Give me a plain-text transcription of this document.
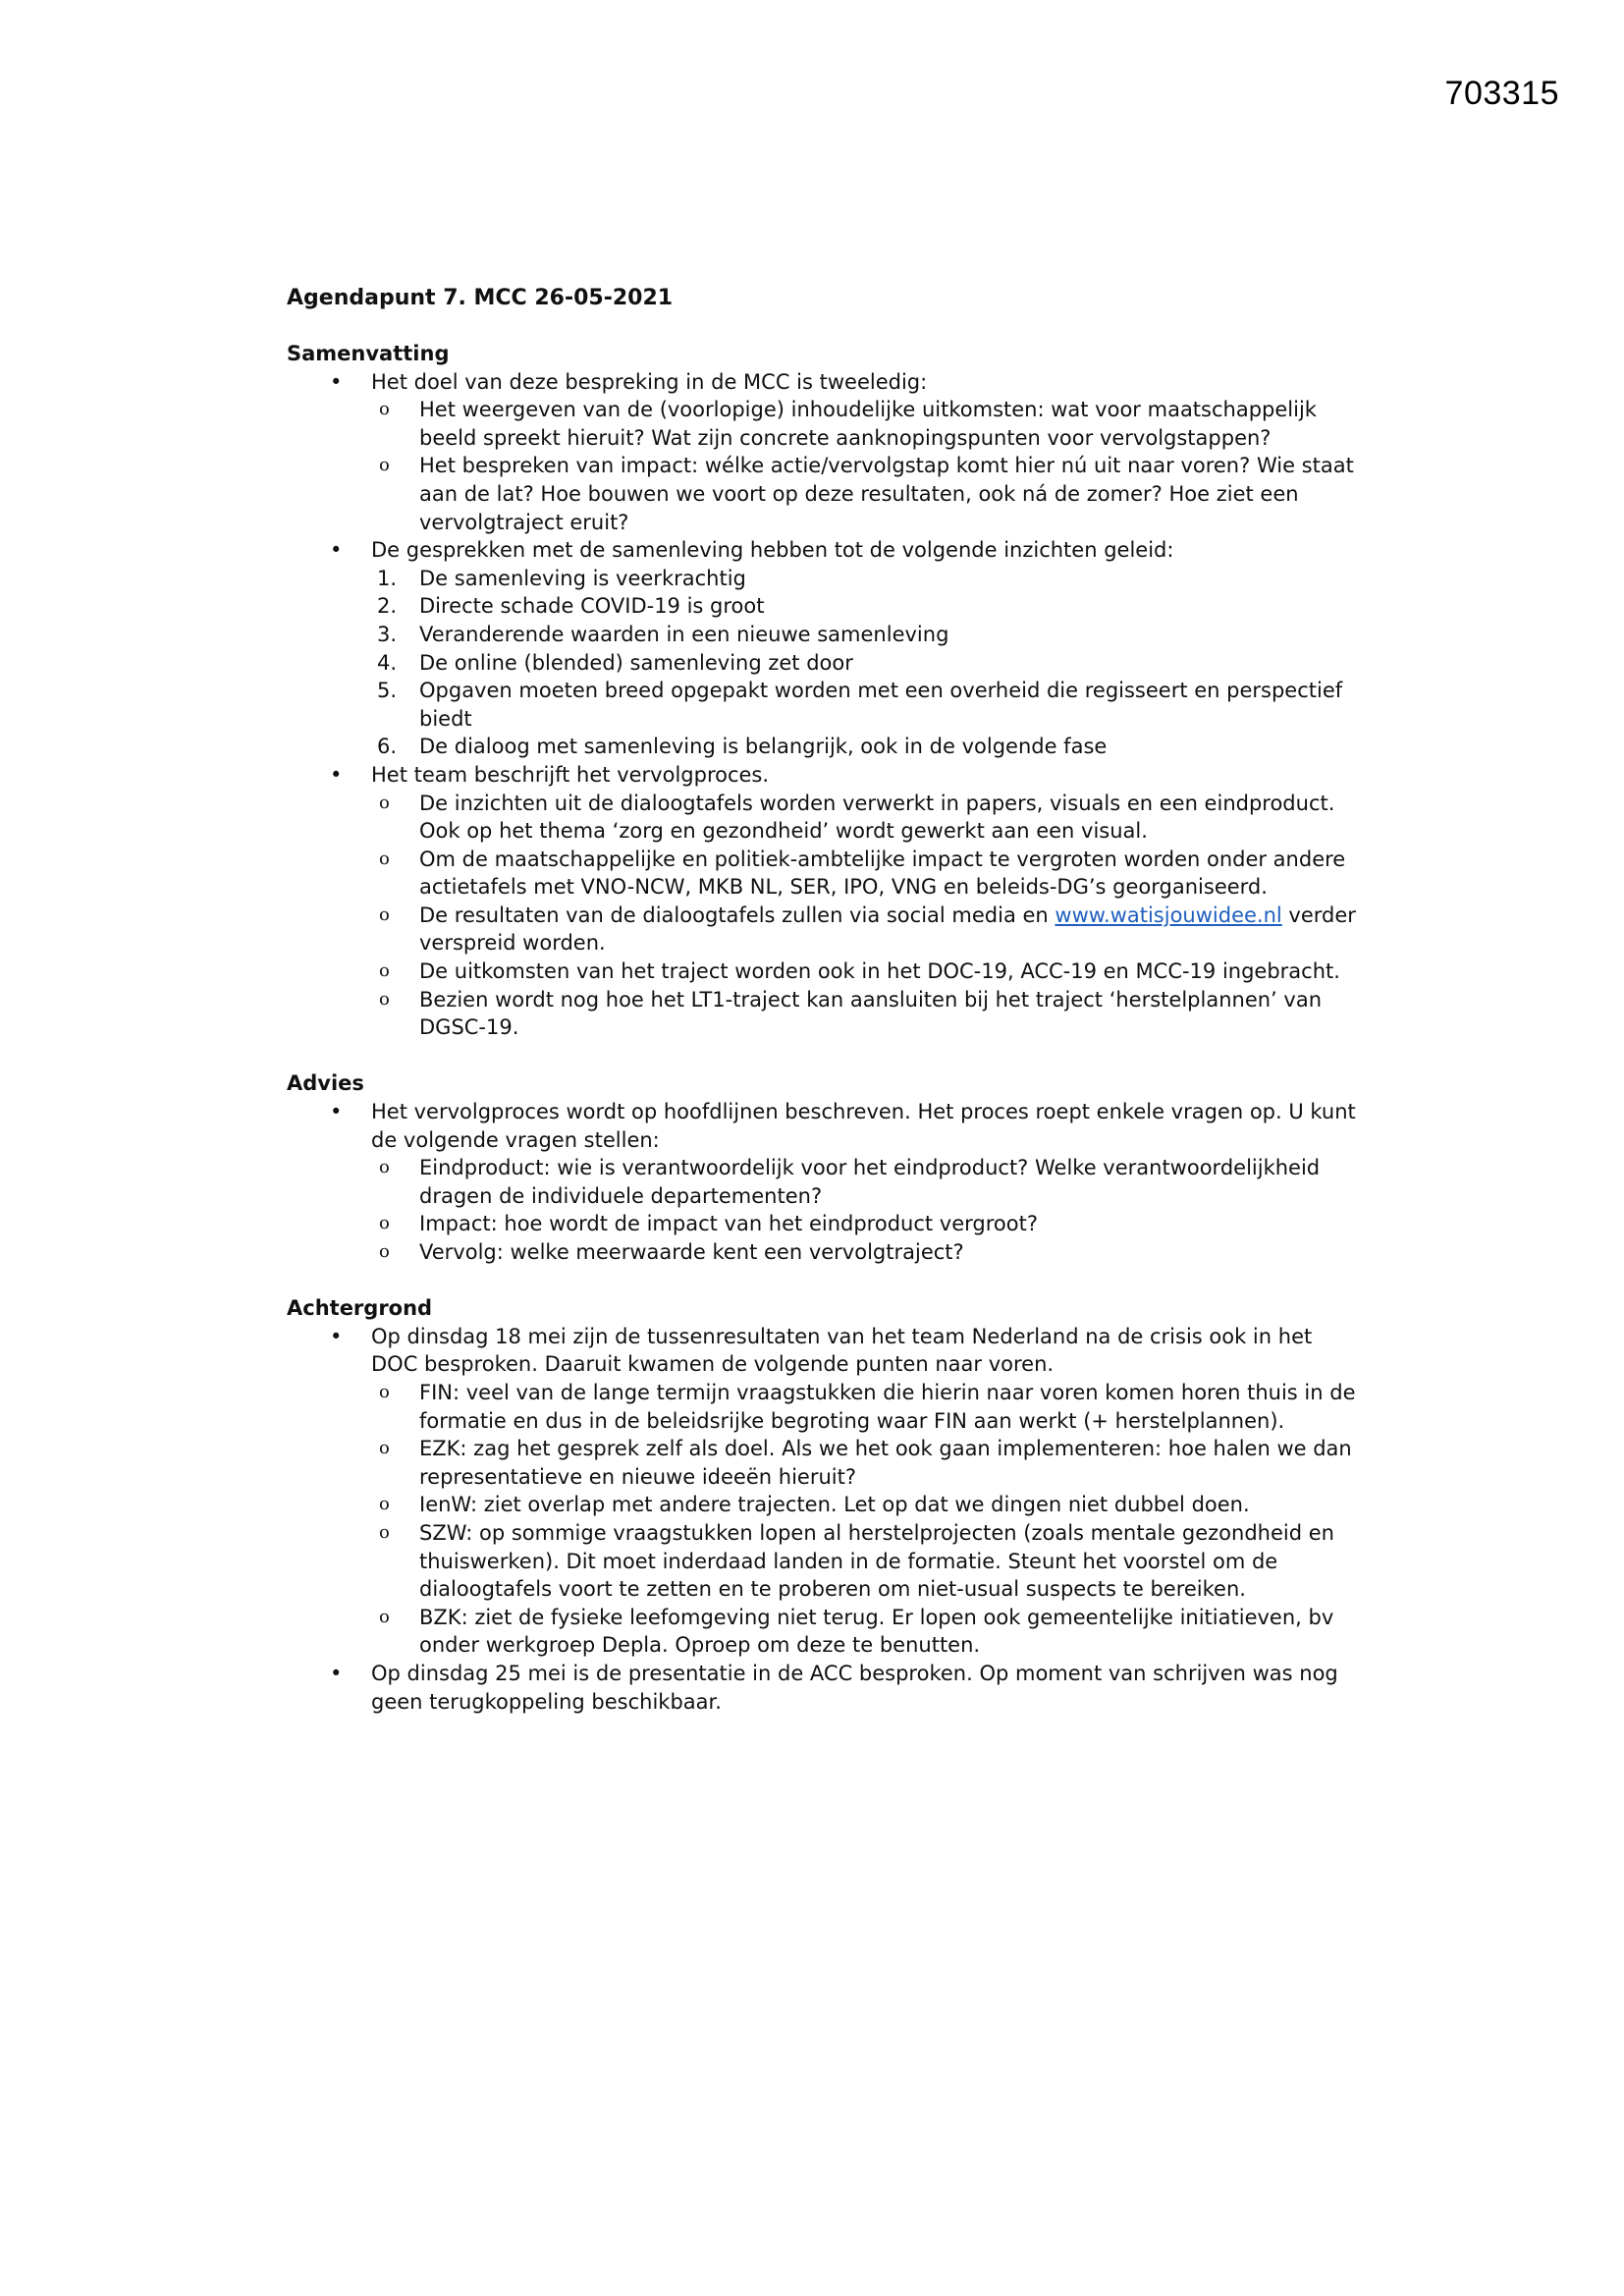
703315
Agendapunt 7. MCC 26-05-2021
Samenvatting
• Het doel van deze bespreking in de MCC is tweeledig:
o Het weergeven van de (voorlopige) inhoudelijke uitkomsten: wat voor maatschappelijk beeld spreekt hieruit? Wat zijn concrete aanknopingspunten voor vervolgstappen?
o Het bespreken van impact: wélke actie/vervolgstap komt hier nú uit naar voren? Wie staat aan de lat? Hoe bouwen we voort op deze resultaten, ook ná de zomer? Hoe ziet een vervolgtraject eruit?
• De gesprekken met de samenleving hebben tot de volgende inzichten geleid:
1. De samenleving is veerkrachtig
2. Directe schade COVID-19 is groot
3. Veranderende waarden in een nieuwe samenleving
4. De online (blended) samenleving zet door
5. Opgaven moeten breed opgepakt worden met een overheid die regisseert en perspectief biedt
6. De dialoog met samenleving is belangrijk, ook in de volgende fase
• Het team beschrijft het vervolgproces.
o De inzichten uit de dialoogtafels worden verwerkt in papers, visuals en een eindproduct. Ook op het thema ‘zorg en gezondheid’ wordt gewerkt aan een visual.
o Om de maatschappelijke en politiek-ambtelijke impact te vergroten worden onder andere actietafels met VNO-NCW, MKB NL, SER, IPO, VNG en beleids-DG’s georganiseerd.
o De resultaten van de dialoogtafels zullen via social media en www.watisjouwidee.nl verder verspreid worden.
o De uitkomsten van het traject worden ook in het DOC-19, ACC-19 en MCC-19 ingebracht.
o Bezien wordt nog hoe het LT1-traject kan aansluiten bij het traject ‘herstelplannen’ van DGSC-19.
Advies
• Het vervolgproces wordt op hoofdlijnen beschreven. Het proces roept enkele vragen op. U kunt de volgende vragen stellen:
o Eindproduct: wie is verantwoordelijk voor het eindproduct? Welke verantwoordelijkheid dragen de individuele departementen?
o Impact: hoe wordt de impact van het eindproduct vergroot?
o Vervolg: welke meerwaarde kent een vervolgtraject?
Achtergrond
• Op dinsdag 18 mei zijn de tussenresultaten van het team Nederland na de crisis ook in het DOC besproken. Daaruit kwamen de volgende punten naar voren.
o FIN: veel van de lange termijn vraagstukken die hierin naar voren komen horen thuis in de formatie en dus in de beleidsrijke begroting waar FIN aan werkt (+ herstelplannen).
o EZK: zag het gesprek zelf als doel. Als we het ook gaan implementeren: hoe halen we dan representatieve en nieuwe ideeën hieruit?
o IenW: ziet overlap met andere trajecten. Let op dat we dingen niet dubbel doen.
o SZW: op sommige vraagstukken lopen al herstelprojecten (zoals mentale gezondheid en thuiswerken). Dit moet inderdaad landen in de formatie. Steunt het voorstel om de dialoogtafels voort te zetten en te proberen om niet-usual suspects te bereiken.
o BZK: ziet de fysieke leefomgeving niet terug. Er lopen ook gemeentelijke initiatieven, bv onder werkgroep Depla. Oproep om deze te benutten.
• Op dinsdag 25 mei is de presentatie in de ACC besproken. Op moment van schrijven was nog geen terugkoppeling beschikbaar.
